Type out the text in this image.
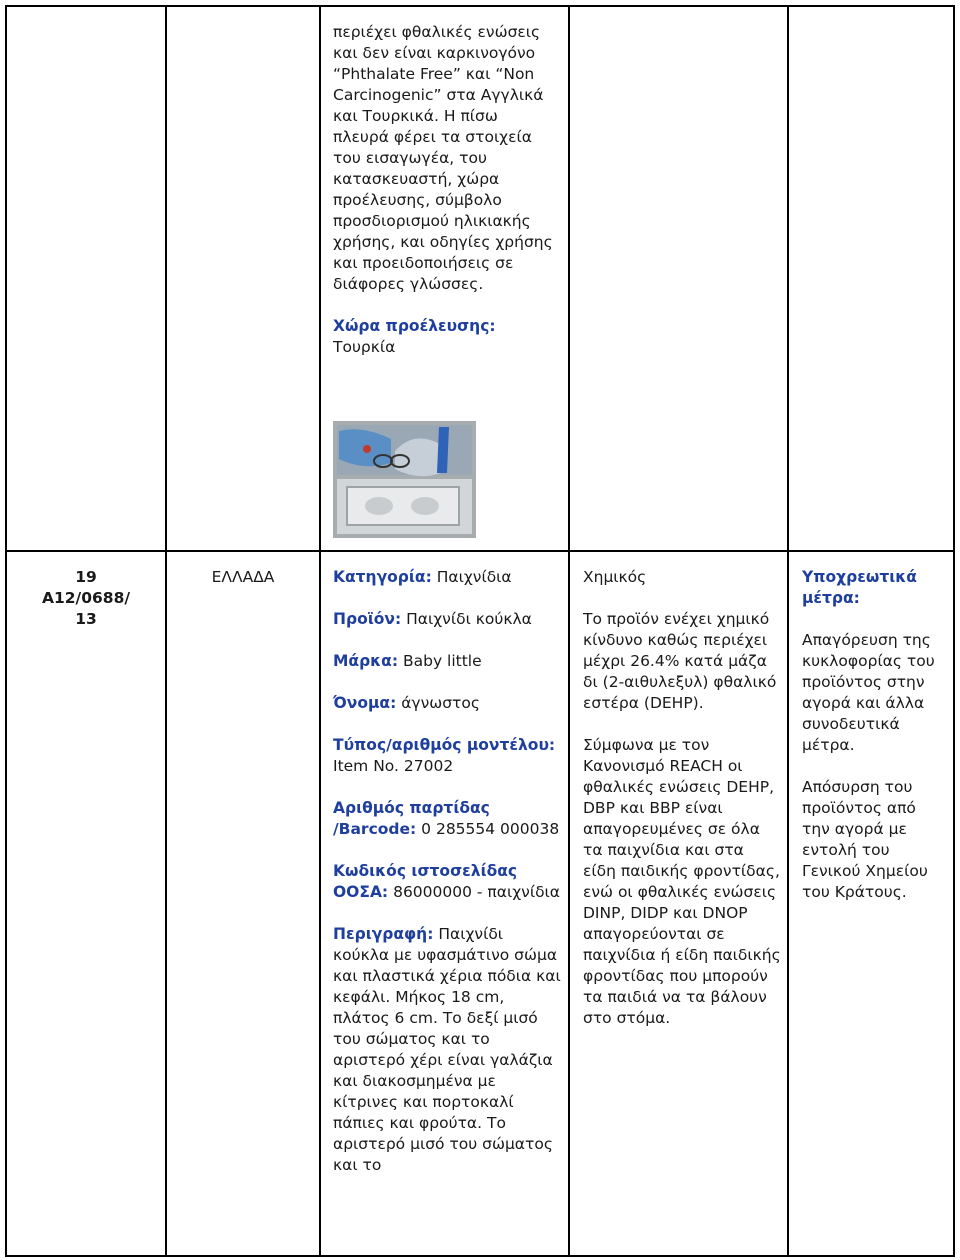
περιέχει φθαλικές ενώσεις και δεν είναι καρκινογόνο “Phthalate Free” και “Non Carcinogenic” στα Αγγλικά και Τουρκικά. Η πίσω πλευρά φέρει τα στοιχεία του εισαγωγέα, του κατασκευαστή, χώρα προέλευσης, σύμβολο προσδιορισμού ηλικιακής χρήσης, και οδηγίες χρήσης και προειδοποιήσεις σε διάφορες γλώσσες.

Χώρα προέλευσης:
Τουρκία

19
A12/0688/ 13
ΕΛΛΑΔΑ	Κατηγορία: Παιχνίδια

Προϊόν: Παιχνίδι κούκλα

Μάρκα: Baby little

Όνομα: άγνωστος

Τύπος/αριθμός μοντέλου: Item No. 27002

Αριθμός παρτίδας /Barcode: 0 285554 000038

Κωδικός ιστοσελίδας ΟΟΣΑ: 86000000 - παιχνίδια

Περιγραφή: Παιχνίδι κούκλα με υφασμάτινο σώμα και πλαστικά χέρια πόδια και κεφάλι. Μήκος 18 cm, πλάτος 6 cm. Το δεξί μισό του σώματος και το αριστερό χέρι είναι γαλάζια και διακοσμημένα με κίτρινες και πορτοκαλί πάπιες και φρούτα. Το αριστερό μισό του σώματος και το

Χημικός

Το προϊόν ενέχει χημικό κίνδυνο καθώς περιέχει μέχρι 26.4% κατά μάζα δι (2-αιθυλεξυλ) φθαλικό εστέρα (DEHP).

Σύμφωνα με τον Κανονισμό REACH οι φθαλικές ενώσεις DEHP, DBP και BBP είναι απαγορευμένες σε όλα τα παιχνίδια και στα είδη παιδικής φροντίδας, ενώ οι φθαλικές ενώσεις DINP, DIDP και DNOP απαγορεύονται σε παιχνίδια ή είδη παιδικής φροντίδας που μπορούν τα παιδιά να τα βάλουν στο στόμα.

Υποχρεωτικά μέτρα:

Απαγόρευση της κυκλοφορίας του προϊόντος στην αγορά και άλλα συνοδευτικά μέτρα.

Απόσυρση του προϊόντος από την αγορά με εντολή του Γενικού Χημείου του Κράτους.
